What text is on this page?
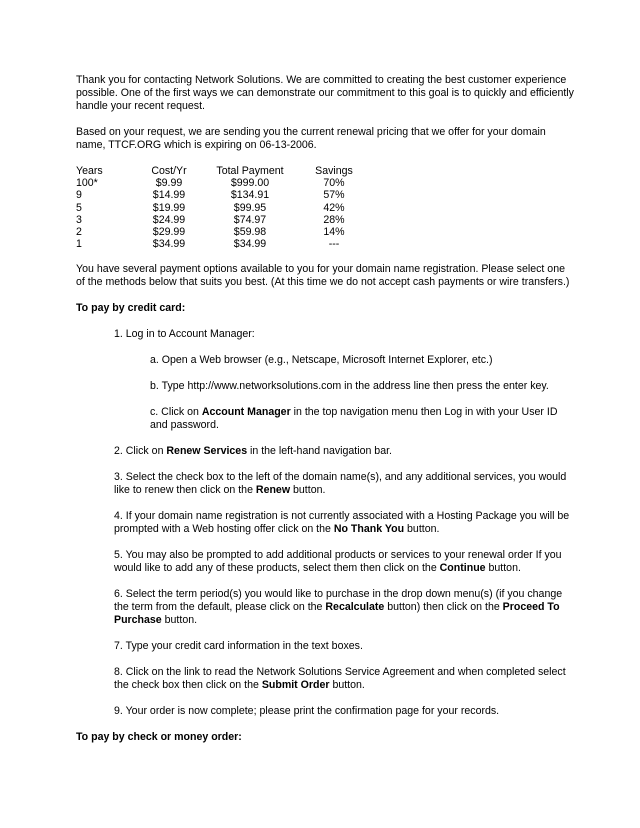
Thank you for contacting Network Solutions. We are committed to creating the best customer experience possible. One of the first ways we can demonstrate our commitment to this goal is to quickly and efficiently handle your recent request.

Based on your request, we are sending you the current renewal pricing that we offer for your domain name, TTCF.ORG which is expiring on 06-13-2006.

Years	Cost/Yr	Total Payment	Savings
100*	$9.99	$999.00	70%
9	$14.99	$134.91	57%
5	$19.99	$99.95	42%
3	$24.99	$74.97	28%
2	$29.99	$59.98	14%
1	$34.99	$34.99	---

You have several payment options available to you for your domain name registration. Please select one of the methods below that suits you best. (At this time we do not accept cash payments or wire transfers.)

To pay by credit card:

1. Log in to Account Manager:

a. Open a Web browser (e.g., Netscape, Microsoft Internet Explorer, etc.)

b. Type http://www.networksolutions.com in the address line then press the enter key.

c. Click on Account Manager in the top navigation menu then Log in with your User ID and password.

2. Click on Renew Services in the left-hand navigation bar.

3. Select the check box to the left of the domain name(s), and any additional services, you would like to renew then click on the Renew button.

4. If your domain name registration is not currently associated with a Hosting Package you will be prompted with a Web hosting offer click on the No Thank You button.

5. You may also be prompted to add additional products or services to your renewal order If you would like to add any of these products, select them then click on the Continue button.

6. Select the term period(s) you would like to purchase in the drop down menu(s) (if you change the term from the default, please click on the Recalculate button) then click on the Proceed To Purchase button.

7. Type your credit card information in the text boxes.

8. Click on the link to read the Network Solutions Service Agreement and when completed select the check box then click on the Submit Order button.

9. Your order is now complete; please print the confirmation page for your records.

To pay by check or money order:
